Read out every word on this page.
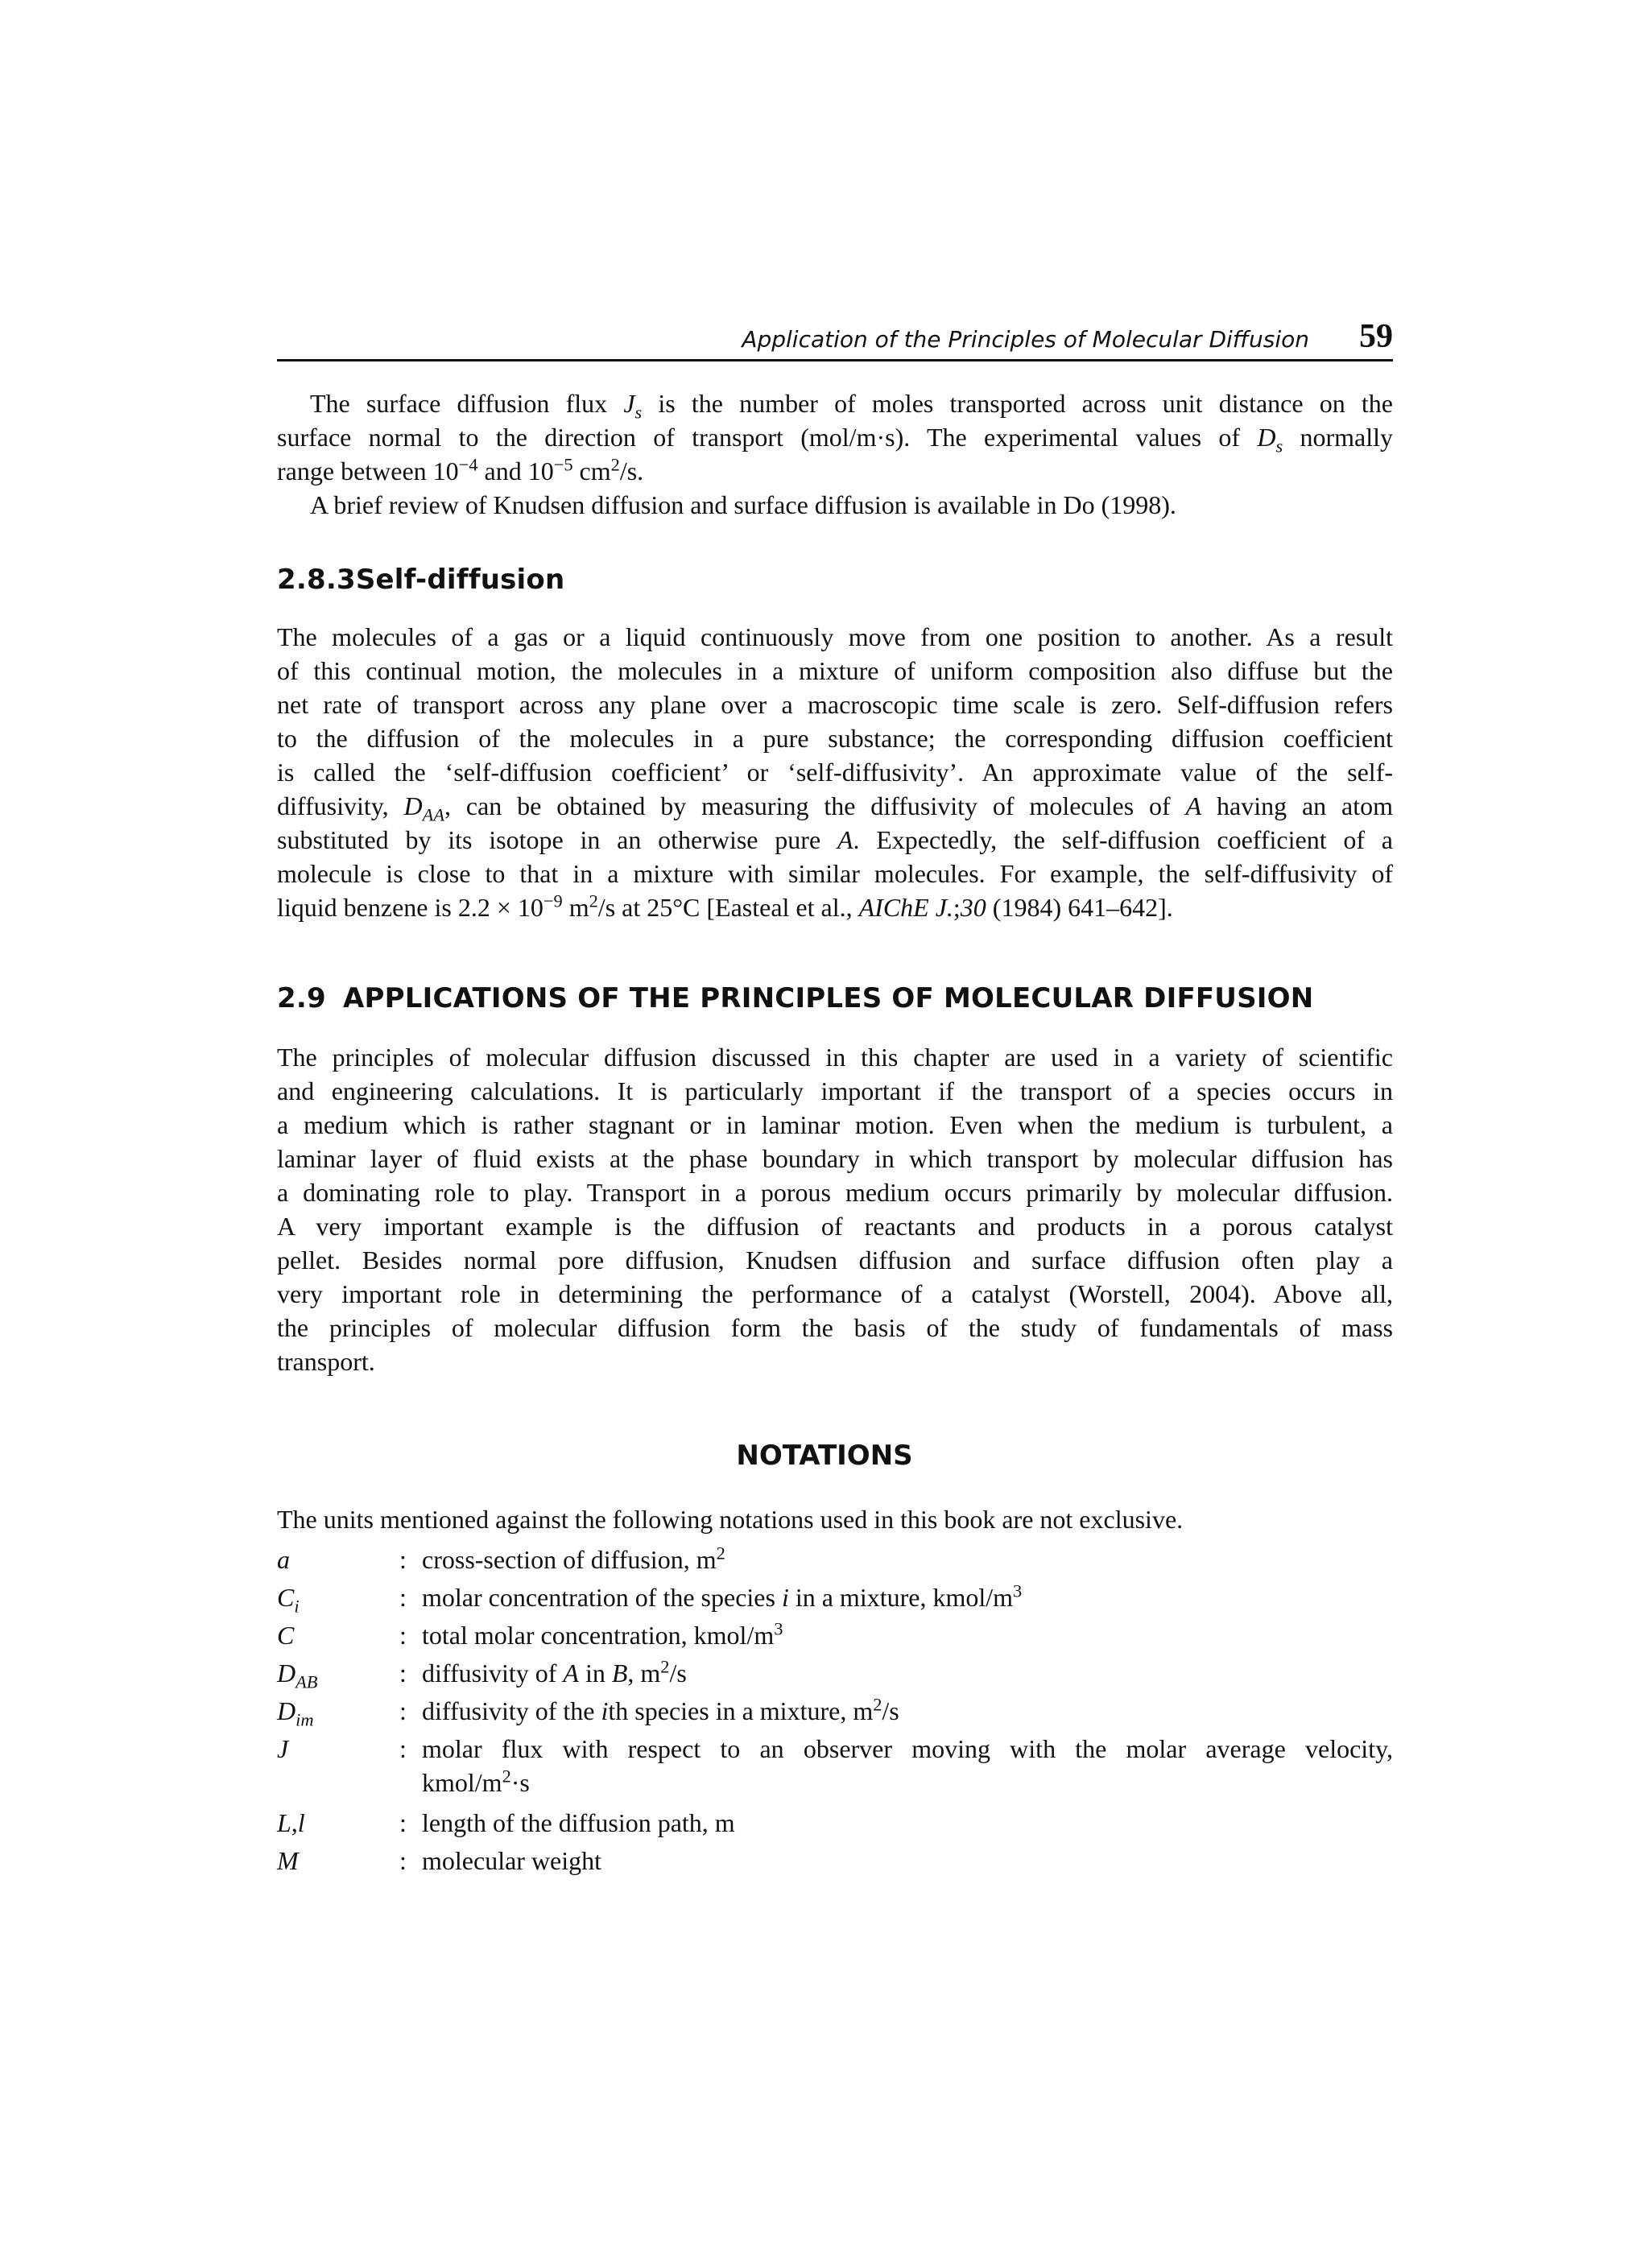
Application of the Principles of Molecular Diffusion 59
The surface diffusion flux $J_s$ is the number of moles transported across unit distance on the
surface normal to the direction of transport (mol/m·s). The experimental values of $D_s$ normally
range between $10^{-4}$ and $10^{-5}$ $cm^2/s$.
A brief review of Knudsen diffusion and surface diffusion is available in Do (1998).
2.8.3Self-diffusion
The molecules of a gas or a liquid continuously move from one position to another. As a result
of this continual motion, the molecules in a mixture of uniform composition also diffuse but the
net rate of transport across any plane over a macroscopic time scale is zero. Self-diffusion refers
to the diffusion of the molecules in a pure substance; the corresponding diffusion coefficient
is called the ‘self-diffusion coefficient’ or ‘self-diffusivity’. An approximate value of the self-
diffusivity, $D_{AA}$, can be obtained by measuring the diffusivity of molecules of A having an atom
substituted by its isotope in an otherwise pure A. Expectedly, the self-diffusion coefficient of a
molecule is close to that in a mixture with similar molecules. For example, the self-diffusivity of
liquid benzene is $2.2 \times 10^{-9}$ $m^2/s$ at 25°C [Easteal et al., AIChE J.;30 (1984) 641–642].
2.9 APPLICATIONS OF THE PRINCIPLES OF MOLECULAR DIFFUSION
The principles of molecular diffusion discussed in this chapter are used in a variety of scientific
and engineering calculations. It is particularly important if the transport of a species occurs in
a medium which is rather stagnant or in laminar motion. Even when the medium is turbulent, a
laminar layer of fluid exists at the phase boundary in which transport by molecular diffusion has
a dominating role to play. Transport in a porous medium occurs primarily by molecular diffusion.
A very important example is the diffusion of reactants and products in a porous catalyst
pellet. Besides normal pore diffusion, Knudsen diffusion and surface diffusion often play a
very important role in determining the performance of a catalyst (Worstell, 2004). Above all,
the principles of molecular diffusion form the basis of the study of fundamentals of mass
transport.
NOTATIONS
The units mentioned against the following notations used in this book are not exclusive.
a	: cross-section of diffusion, $m^2$
$C_i$	: molar concentration of the species i in a mixture, kmol/$m^3$
C	: total molar concentration, kmol/$m^3$
$D_{AB}$	: diffusivity of A in B, $m^2/s$
$D_{im}$	: diffusivity of the ith species in a mixture, $m^2/s$
J	: molar flux with respect to an observer moving with the molar average velocity,
kmol/$m^2\cdot s$
L,l	: length of the diffusion path, m
M	: molecular weight
